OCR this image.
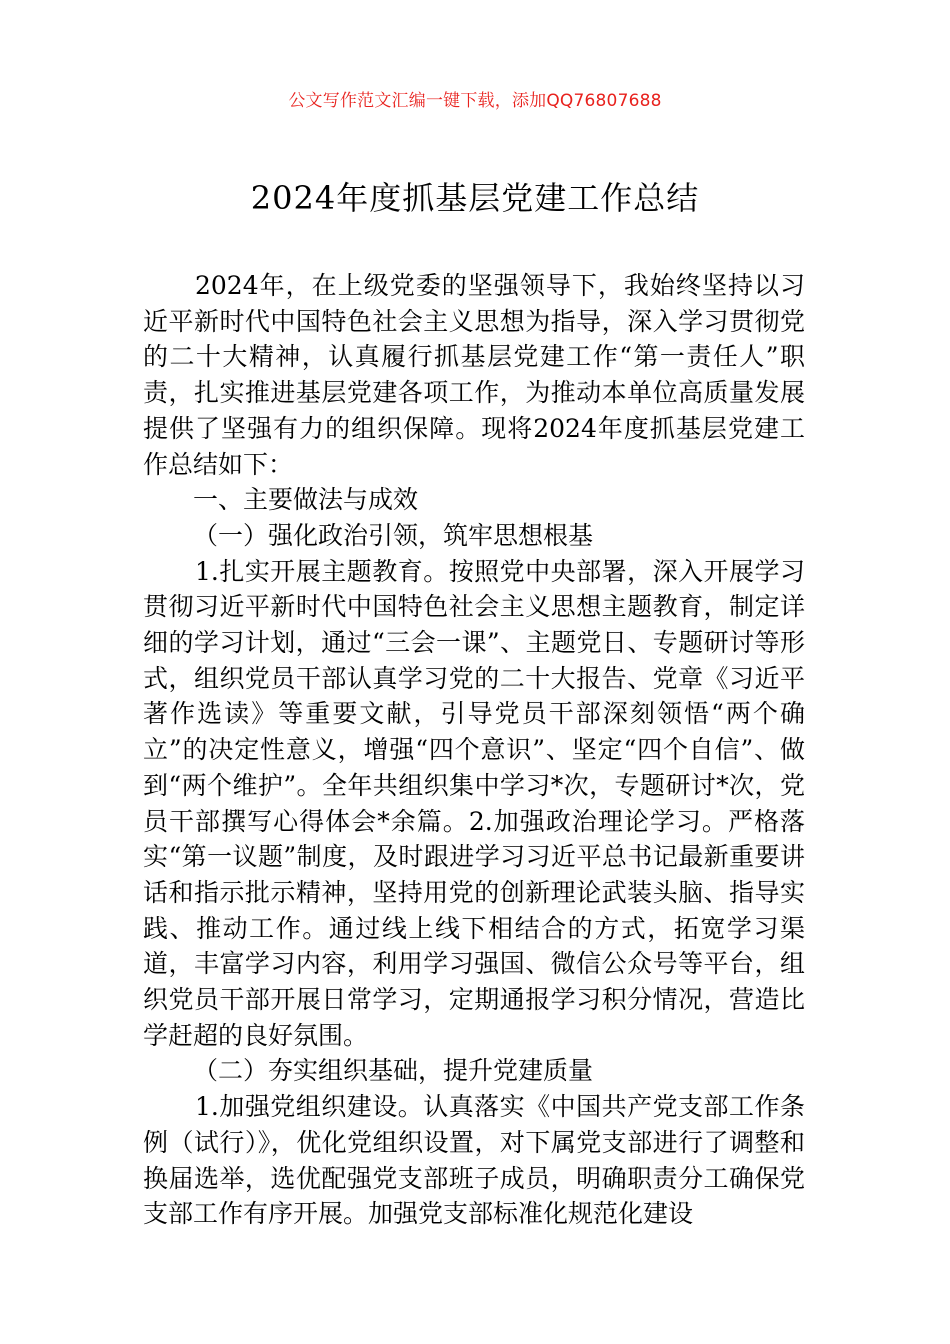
公文写作范文汇编一键下载，添加QQ76807688
2024年度抓基层党建工作总结

2024年，在上级党委的坚强领导下，我始终坚持以习近平新时代中国特色社会主义思想为指导，深入学习贯彻党的二十大精神，认真履行抓基层党建工作“第一责任人”职责，扎实推进基层党建各项工作，为推动本单位高质量发展提供了坚强有力的组织保障。现将2024年度抓基层党建工作总结如下：

一、主要做法与成效

（一）强化政治引领，筑牢思想根基

1.扎实开展主题教育。按照党中央部署，深入开展学习贯彻习近平新时代中国特色社会主义思想主题教育，制定详细的学习计划，通过“三会一课”、主题党日、专题研讨等形式，组织党员干部认真学习党的二十大报告、党章《习近平著作选读》等重要文献，引导党员干部深刻领悟“两个确立”的决定性意义，增强“四个意识”、坚定“四个自信”、做到“两个维护”。全年共组织集中学习*次，专题研讨*次，党员干部撰写心得体会*余篇。2.加强政治理论学习。严格落实“第一议题”制度，及时跟进学习习近平总书记最新重要讲话和指示批示精神，坚持用党的创新理论武装头脑、指导实践、推动工作。通过线上线下相结合的方式，拓宽学习渠道，丰富学习内容，利用学习强国、微信公众号等平台，组织党员干部开展日常学习，定期通报学习积分情况，营造比学赶超的良好氛围。

（二）夯实组织基础，提升党建质量

1.加强党组织建设。认真落实《中国共产党支部工作条例（试行）》，优化党组织设置，对下属党支部进行了调整和换届选举，选优配强党支部班子成员，明确职责分工确保党支部工作有序开展。加强党支部标准化规范化建设
